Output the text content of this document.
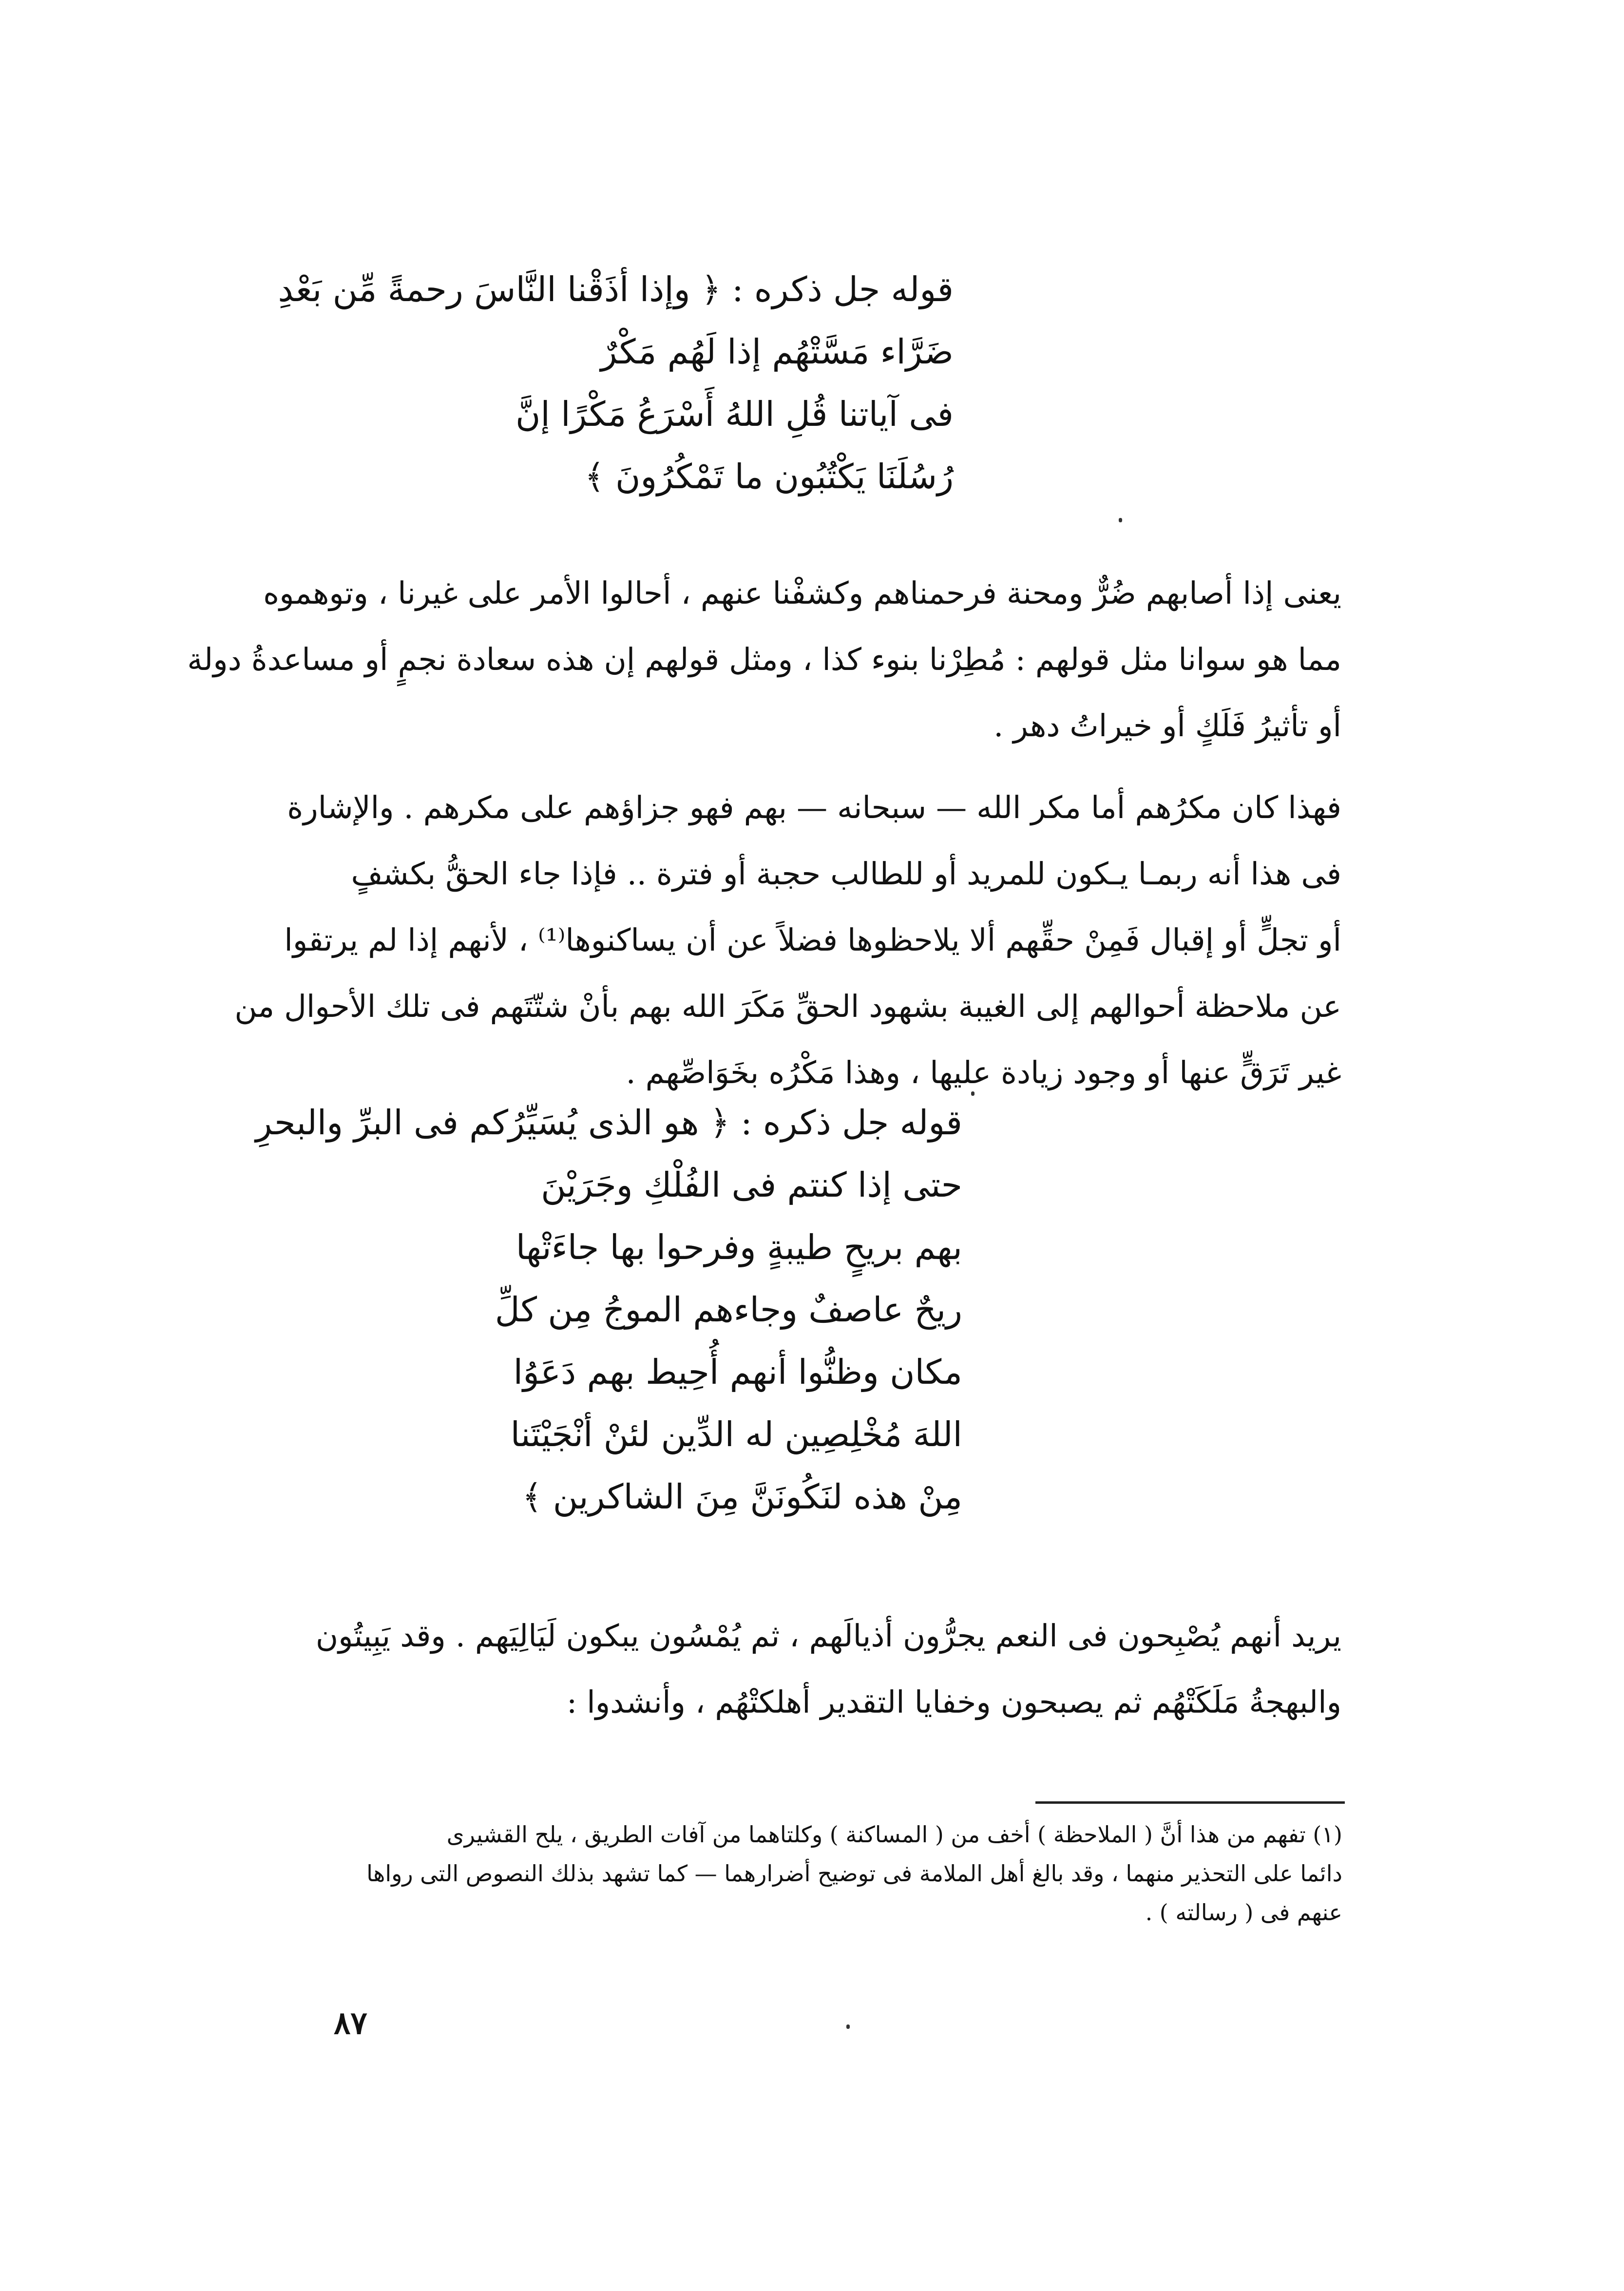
قوله جل ذكره : ﴿ وإذا أذَقْنا النَّاسَ رحمةً مِّن بَعْدِ
ضَرَّاء مَسَّتْهُم إذا لَهُم مَكْرٌ
فى آياتنا قُلِ اللهُ أَسْرَعُ مَكْرًا إنَّ
رُسُلَنَا يَكْتُبُون ما تَمْكُرُونَ ﴾
يعنى إذا أصابهم ضُرٌّ ومحنة فرحمناهم وكشفْنا عنهم ، أحالوا الأمر على غيرنا ، وتوهموه
مما هو سوانا مثل قولهم : مُطِرْنا بنوء كذا ، ومثل قولهم إن هذه سعادة نجمٍ أو مساعدةُ دولة
أو تأثيرُ فَلَكٍ أو خيراتُ دهر .
فهذا كان مكرُهم أما مكر الله — سبحانه — بهم فهو جزاؤهم على مكرهم . والإشارة
فى هذا أنه ربمـا يـكون للمريد أو للطالب حجبة أو فترة .. فإذا جاء الحقُّ بكشفٍ
أو تجلٍّ أو إقبال فَمِنْ حقِّهم ألا يلاحظوها فضلاً عن أن يساكنوها⁽¹⁾ ، لأنهم إذا لم يرتقوا
عن ملاحظة أحوالهم إلى الغيبة بشهود الحقِّ مَكَرَ الله بهم بأنْ شتّتَهم فى تلك الأحوال من
غير تَرَقٍّ عنها أو وجود زيادة عليها ، وهذا مَكْرُه بخَوَاصِّهم .
قوله جل ذكره : ﴿ هو الذى يُسَيِّرُكم فى البرِّ والبحرِ
حتى إذا كنتم فى الفُلْكِ وجَرَيْنَ
بهم بريحٍ طيبةٍ وفرحوا بها جاءَتْها
ريحٌ عاصفٌ وجاءهم الموجُ مِن كلِّ
مكان وظنُّوا أنهم أُحِيط بهم دَعَوُا
اللهَ مُخْلِصِين له الدِّين لئنْ أنْجَيْتَنا
مِنْ هذه لنَكُونَنَّ مِنَ الشاكرين ﴾
يريد أنهم يُصْبِحون فى النعم يجرُّون أذيالَهم ، ثم يُمْسُون يبكون لَيَالِيَهم . وقد يَبِيتُون
والبهجةُ مَلَكَتْهُم ثم يصبحون وخفايا التقدير أهلكتْهُم ، وأنشدوا :
(١) تفهم من هذا أنَّ ( الملاحظة ) أخف من ( المساكنة ) وكلتاهما من آفات الطريق ، يلح القشيرى
دائما على التحذير منهما ، وقد بالغ أهل الملامة فى توضيح أضرارهما — كما تشهد بذلك النصوص التى رواها
عنهم فى ( رسالته ) .
٨٧
